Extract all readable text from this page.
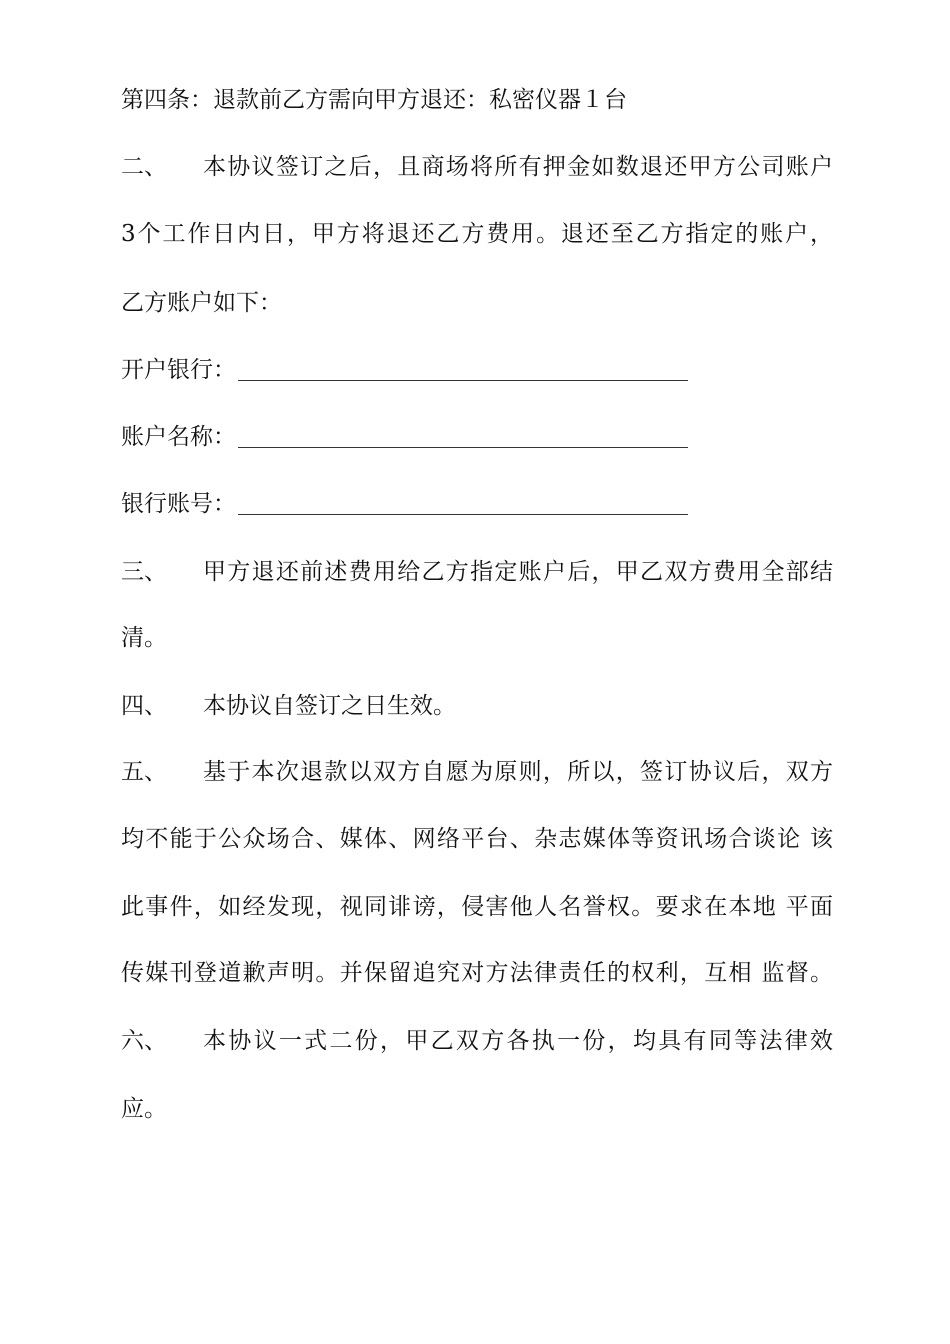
第四条：退款前乙方需向甲方退还：私密仪器１台
二、	本协议签订之后，且商场将所有押金如数退还甲方公司账户
3个工作日内日，甲方将退还乙方费用。退还至乙方指定的账户，
乙方账户如下：
开户银行：
账户名称：
银行账号：
三、	甲方退还前述费用给乙方指定账户后，甲乙双方费用全部结
清。
四、	本协议自签订之日生效。
五、	基于本次退款以双方自愿为原则，所以，签订协议后，双方
均不能于公众场合、媒体、网络平台、杂志媒体等资讯场合谈论 该
此事件，如经发现，视同诽谤，侵害他人名誉权。要求在本地 平面
传媒刊登道歉声明。并保留追究对方法律责任的权利，互相 监督。
六、	本协议一式二份，甲乙双方各执一份，均具有同等法律效
应。
